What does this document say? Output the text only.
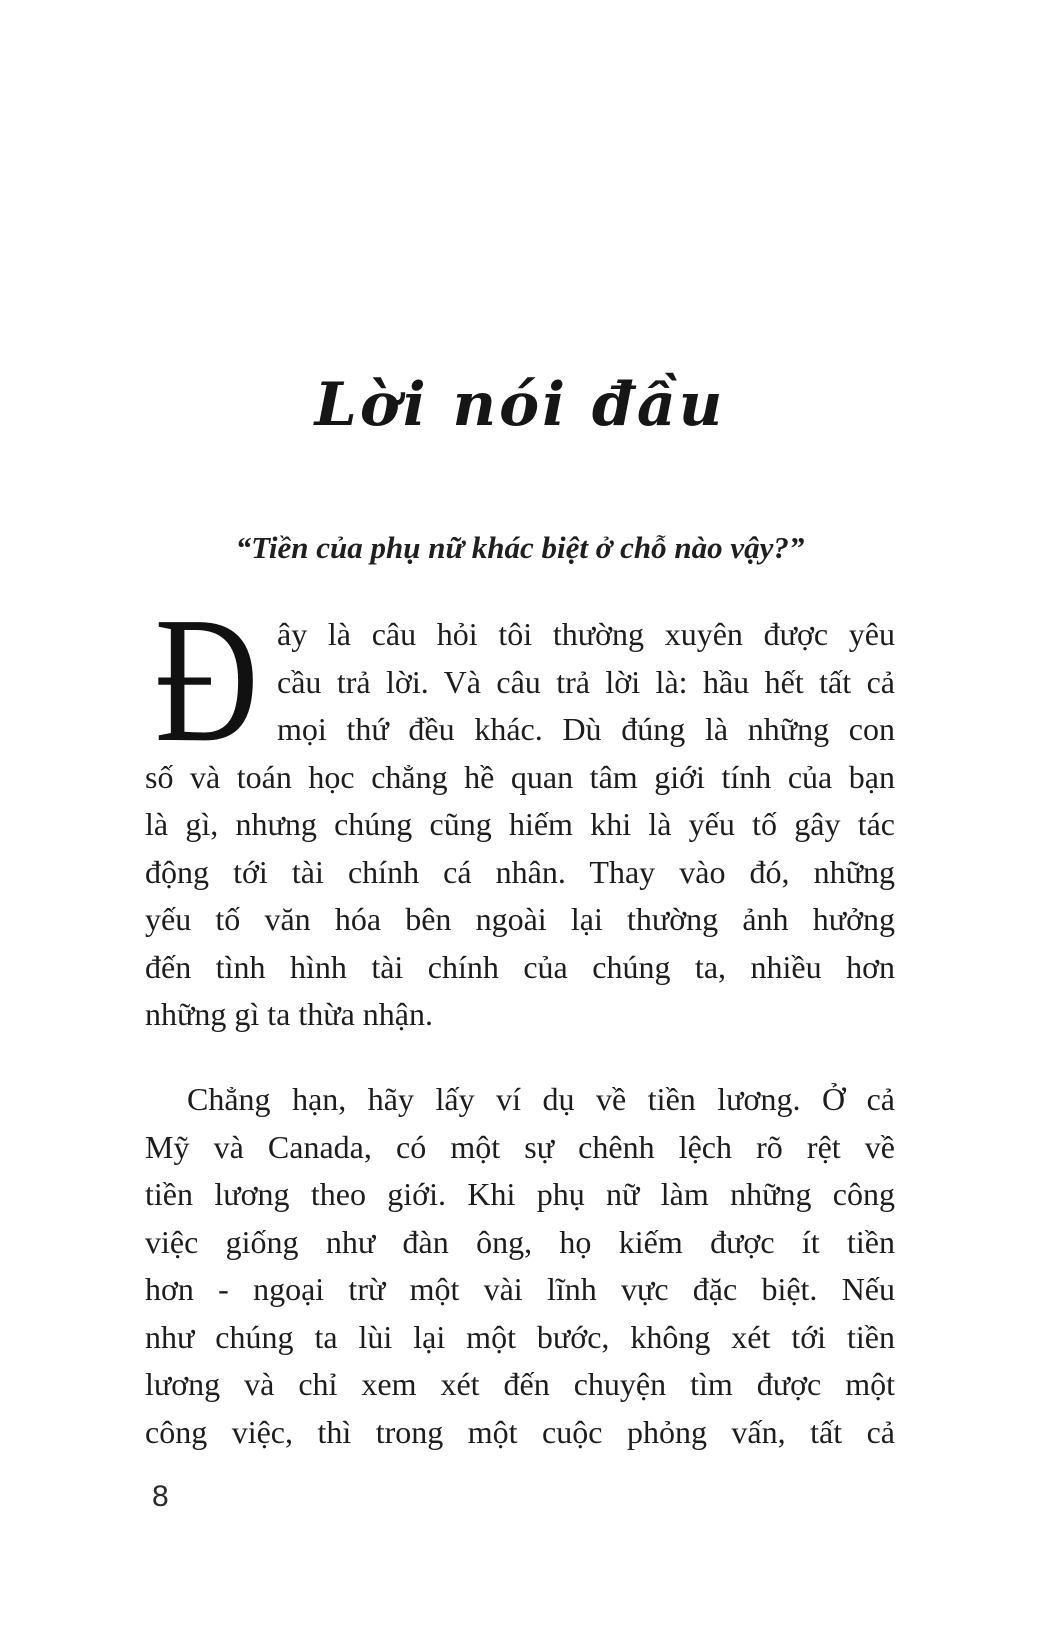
Lời nói đầu
“Tiền của phụ nữ khác biệt ở chỗ nào vậy?”
Đ ây là câu hỏi tôi thường xuyên được yêu
cầu trả lời. Và câu trả lời là: hầu hết tất cả
mọi thứ đều khác. Dù đúng là những con
số và toán học chẳng hề quan tâm giới tính của bạn
là gì, nhưng chúng cũng hiếm khi là yếu tố gây tác
động tới tài chính cá nhân. Thay vào đó, những
yếu tố văn hóa bên ngoài lại thường ảnh hưởng
đến tình hình tài chính của chúng ta, nhiều hơn
những gì ta thừa nhận.
Chẳng hạn, hãy lấy ví dụ về tiền lương. Ở cả
Mỹ và Canada, có một sự chênh lệch rõ rệt về
tiền lương theo giới. Khi phụ nữ làm những công
việc giống như đàn ông, họ kiếm được ít tiền
hơn - ngoại trừ một vài lĩnh vực đặc biệt. Nếu
như chúng ta lùi lại một bước, không xét tới tiền
lương và chỉ xem xét đến chuyện tìm được một
công việc, thì trong một cuộc phỏng vấn, tất cả
8
